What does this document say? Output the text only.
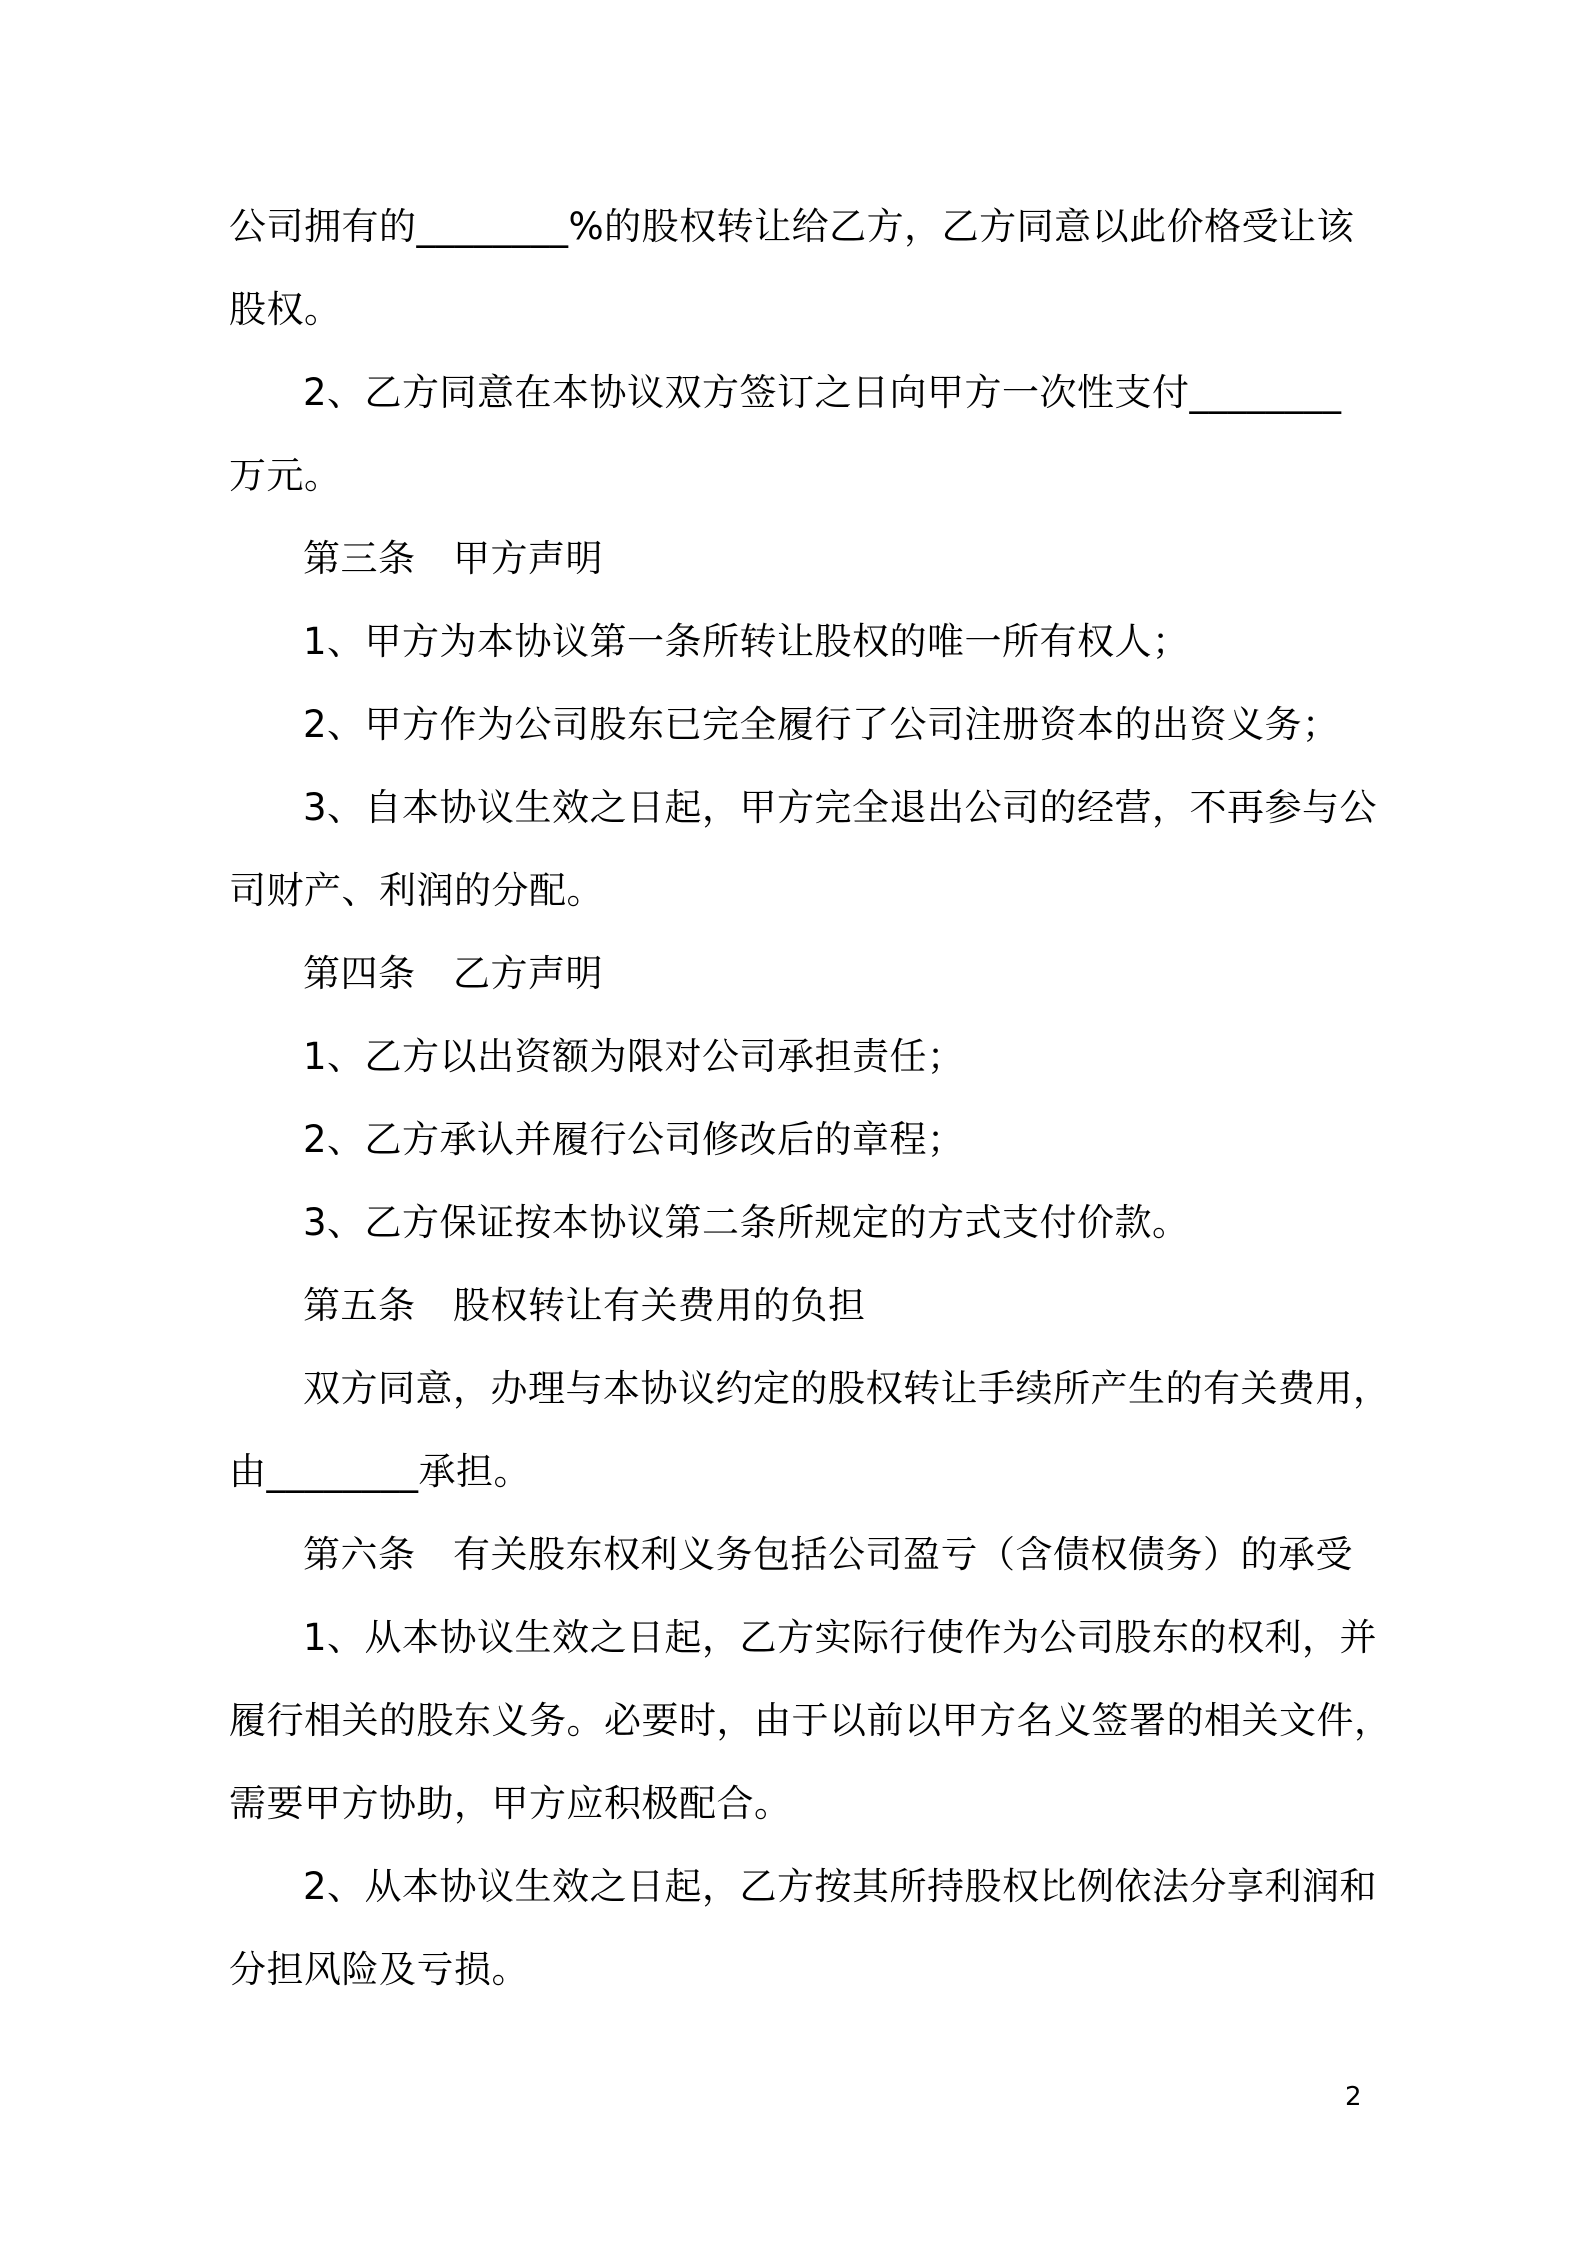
公司拥有的________%的股权转让给乙方，乙方同意以此价格受让该
股权。
2、乙方同意在本协议双方签订之日向甲方一次性支付________
万元。
第三条　甲方声明
1、甲方为本协议第一条所转让股权的唯一所有权人；
2、甲方作为公司股东已完全履行了公司注册资本的出资义务；
3、自本协议生效之日起，甲方完全退出公司的经营，不再参与公
司财产、利润的分配。
第四条　乙方声明
1、乙方以出资额为限对公司承担责任；
2、乙方承认并履行公司修改后的章程；
3、乙方保证按本协议第二条所规定的方式支付价款。
第五条　股权转让有关费用的负担
双方同意，办理与本协议约定的股权转让手续所产生的有关费用，
由________承担。
第六条　有关股东权利义务包括公司盈亏（含债权债务）的承受
1、从本协议生效之日起，乙方实际行使作为公司股东的权利，并
履行相关的股东义务。必要时，由于以前以甲方名义签署的相关文件，
需要甲方协助，甲方应积极配合。
2、从本协议生效之日起，乙方按其所持股权比例依法分享利润和
分担风险及亏损。
2
